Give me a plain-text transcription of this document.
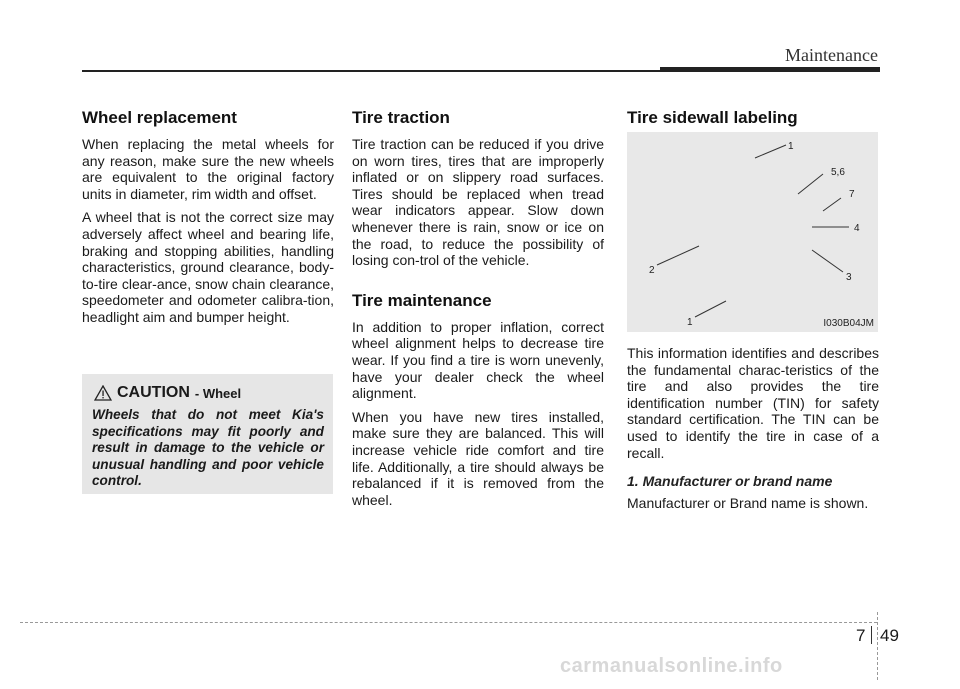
Maintenance
Wheel replacement

When replacing the metal wheels for any reason, make sure the new wheels are equivalent to the original factory units in diameter, rim width and offset.

A wheel that is not the correct size may adversely affect wheel and bearing life, braking and stopping abilities, handling characteristics, ground clearance, body-to-tire clear-ance, snow chain clearance, speedometer and odometer calibra-tion, headlight aim and bumper height.

CAUTION - Wheel

Wheels that do not meet Kia's specifications may fit poorly and result in damage to the vehicle or unusual handling and poor vehicle control.

Tire traction

Tire traction can be reduced if you drive on worn tires, tires that are improperly inflated or on slippery road surfaces. Tires should be replaced when tread wear indicators appear. Slow down whenever there is rain, snow or ice on the road, to reduce the possibility of losing con-trol of the vehicle.

Tire maintenance

In addition to proper inflation, correct wheel alignment helps to decrease tire wear. If you find a tire is worn unevenly, have your dealer check the wheel alignment.

When you have new tires installed, make sure they are balanced. This will increase vehicle ride comfort and tire life. Additionally, a tire should always be rebalanced if it is removed from the wheel.

Tire sidewall labeling
1
5,6
7
4
3
2
1	I030B04JM

This information identifies and describes the fundamental charac-teristics of the tire and also provides the tire identification number (TIN) for safety standard certification. The TIN can be used to identify the tire in case of a recall.

1. Manufacturer or brand name

Manufacturer or Brand name is shown.

7 49
carmanualsonline.info
